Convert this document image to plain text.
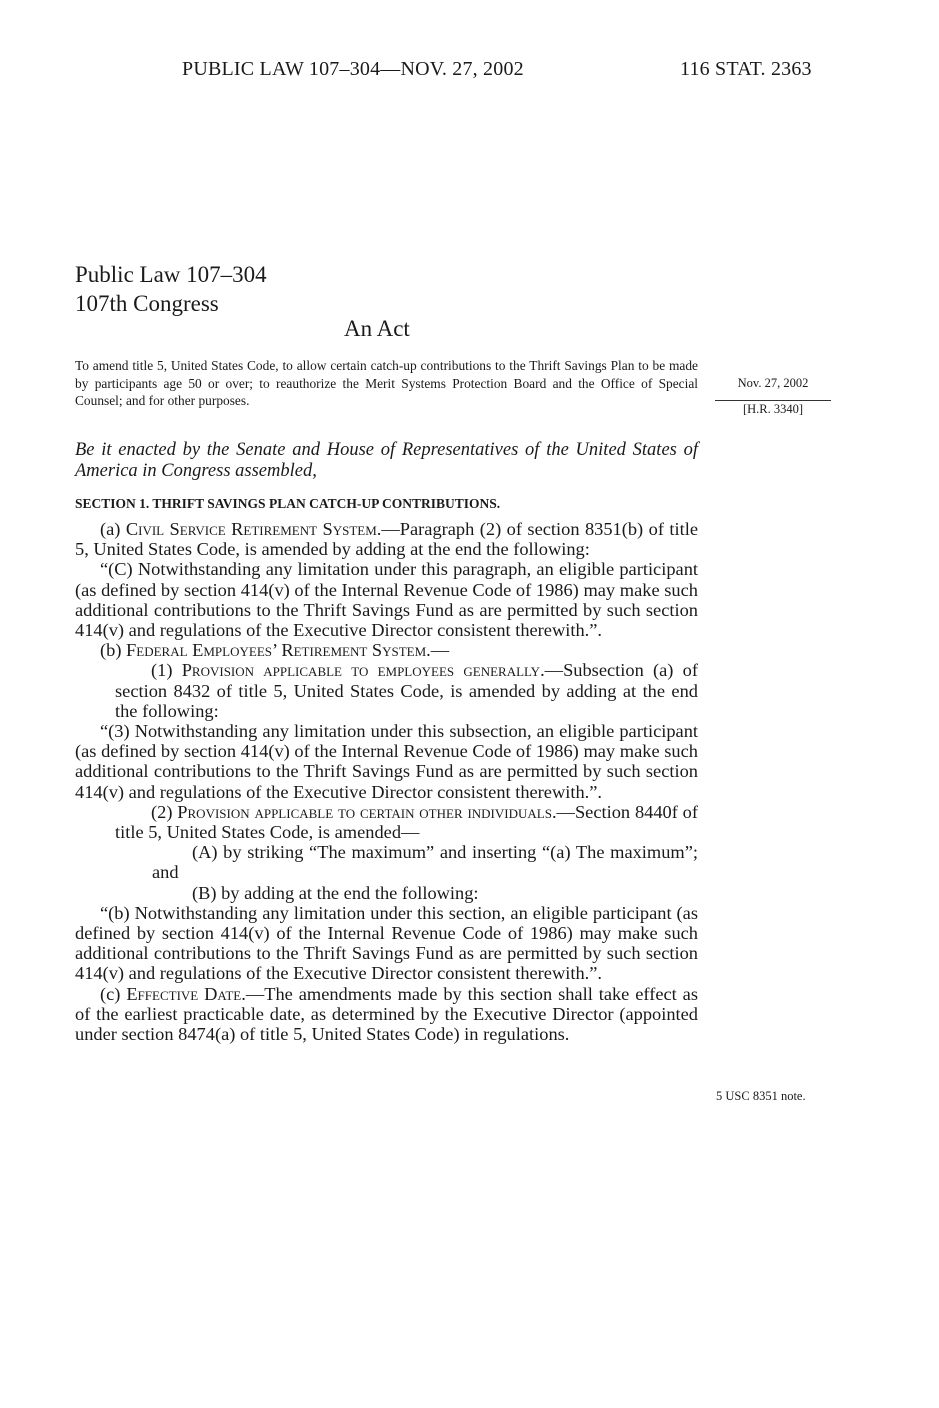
PUBLIC LAW 107–304—NOV. 27, 2002	116 STAT. 2363
Public Law 107–304
107th Congress
An Act
To amend title 5, United States Code, to allow certain catch-up contributions to the Thrift Savings Plan to be made by participants age 50 or over; to reauthorize the Merit Systems Protection Board and the Office of Special Counsel; and for other purposes.
Nov. 27, 2002
[H.R. 3340]
Be it enacted by the Senate and House of Representatives of the United States of America in Congress assembled,
SECTION 1. THRIFT SAVINGS PLAN CATCH-UP CONTRIBUTIONS.

(a) Civil Service Retirement System.—Paragraph (2) of section 8351(b) of title 5, United States Code, is amended by adding at the end the following:

“(C) Notwithstanding any limitation under this paragraph, an eligible participant (as defined by section 414(v) of the Internal Revenue Code of 1986) may make such additional contributions to the Thrift Savings Fund as are permitted by such section 414(v) and regulations of the Executive Director consistent therewith.”.

(b) Federal Employees’ Retirement System.—

(1) Provision applicable to employees generally.—Subsection (a) of section 8432 of title 5, United States Code, is amended by adding at the end the following:

“(3) Notwithstanding any limitation under this subsection, an eligible participant (as defined by section 414(v) of the Internal Revenue Code of 1986) may make such additional contributions to the Thrift Savings Fund as are permitted by such section 414(v) and regulations of the Executive Director consistent therewith.”.

(2) Provision applicable to certain other individuals.—Section 8440f of title 5, United States Code, is amended—

(A) by striking “The maximum” and inserting “(a) The maximum”; and

(B) by adding at the end the following:

“(b) Notwithstanding any limitation under this section, an eligible participant (as defined by section 414(v) of the Internal Revenue Code of 1986) may make such additional contributions to the Thrift Savings Fund as are permitted by such section 414(v) and regulations of the Executive Director consistent therewith.”.

(c) Effective Date.—The amendments made by this section shall take effect as of the earliest practicable date, as determined by the Executive Director (appointed under section 8474(a) of title 5, United States Code) in regulations.

5 USC 8351 note.
